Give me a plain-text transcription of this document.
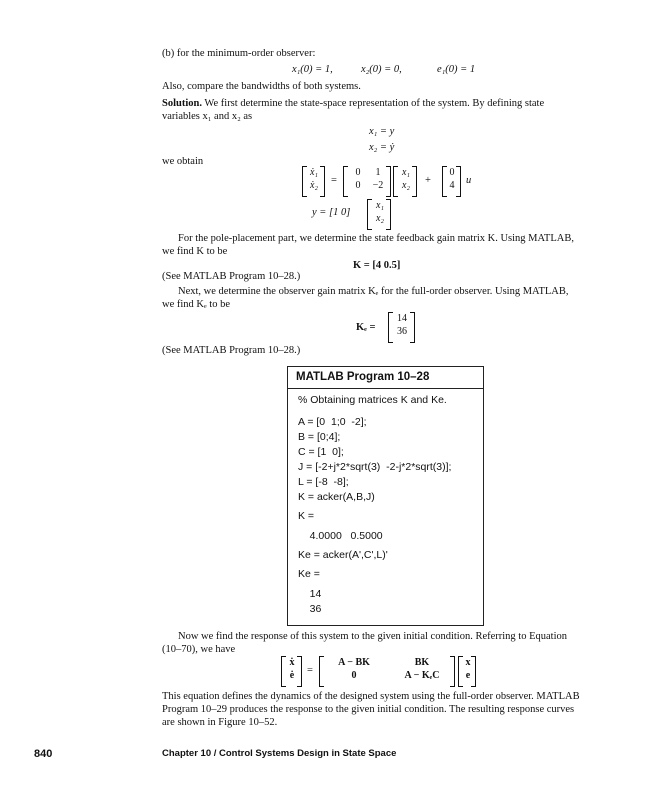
(b) for the minimum-order observer:
x₁(0) = 1,	x₂(0) = 0,	e₁(0) = 1
Also, compare the bandwidths of both systems.
Solution. We first determine the state-space representation of the system. By defining state
variables x₁ and x₂ as
x₁ = y
x₂ = ẏ
we obtain
ẋ₁
ẋ₂	=
0	1
0	−2
x₁
x₂	+
0
4	u
y = [1 0]
x₁
x₂
For the pole-placement part, we determine the state feedback gain matrix K. Using MATLAB,
we find K to be
K = [4 0.5]
(See MATLAB Program 10–28.)
Next, we determine the observer gain matrix Kₑ for the full-order observer. Using MATLAB,
we find Kₑ to be
Kₑ =
14
36
(See MATLAB Program 10–28.)
MATLAB Program 10–28
% Obtaining matrices K and Ke.
A = [0  1;0  -2];
B = [0;4];
C = [1  0];
J = [-2+j*2*sqrt(3)  -2-j*2*sqrt(3)];
L = [-8  -8];
K = acker(A,B,J)
K =
4.0000   0.5000
Ke = acker(A',C',L)'
Ke =
14
36
Now we find the response of this system to the given initial condition. Referring to Equation
(10–70), we have
ẋ
ė	=
A − BK	BK
0	A − KₑC
x
e
This equation defines the dynamics of the designed system using the full-order observer. MATLAB
Program 10–29 produces the response to the given initial condition. The resulting response curves
are shown in Figure 10–52.
840	Chapter 10 / Control Systems Design in State Space
